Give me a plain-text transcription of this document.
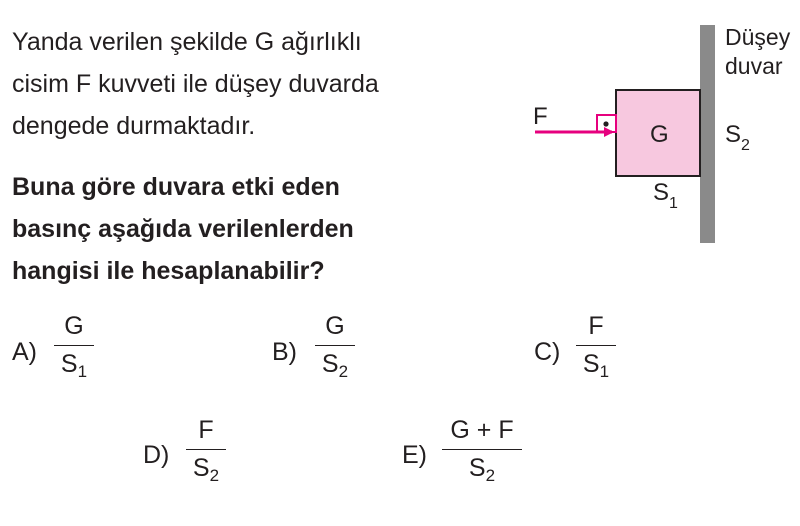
Yanda verilen şekilde G ağırlıklı
cisim F kuvveti ile düşey duvarda
dengede durmaktadır.
Buna göre duvara etki eden
basınç aşağıda verilenlerden
hangisi ile hesaplanabilir?
F
G
Düşey
duvar
$S_2$
$S_1$
A)
G
$S_1$
B)
G
$S_2$
C)
F
$S_1$
D)
F
$S_2$
E)
G + F
$S_2$
